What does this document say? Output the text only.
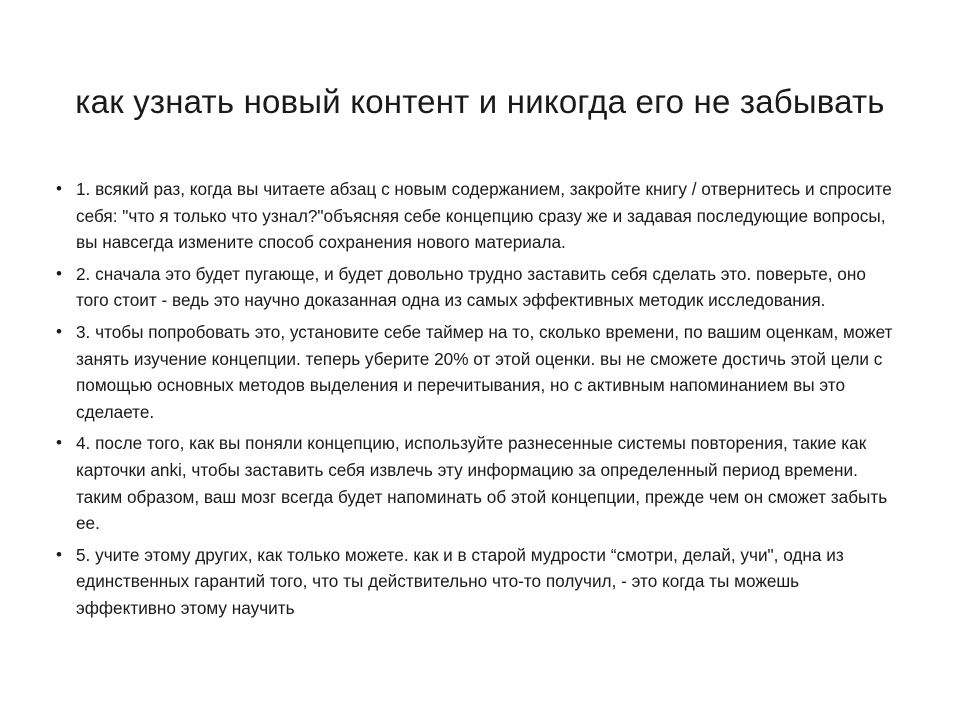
как узнать новый контент и никогда его не забывать
• 1. всякий раз, когда вы читаете абзац с новым содержанием, закройте книгу / отвернитесь и спросите себя: "что я только что узнал?"объясняя себе концепцию сразу же и задавая последующие вопросы, вы навсегда измените способ сохранения нового материала.
• 2. сначала это будет пугающе, и будет довольно трудно заставить себя сделать это. поверьте, оно того стоит - ведь это научно доказанная одна из самых эффективных методик исследования.
• 3. чтобы попробовать это, установите себе таймер на то, сколько времени, по вашим оценкам, может занять изучение концепции. теперь уберите 20% от этой оценки. вы не сможете достичь этой цели с помощью основных методов выделения и перечитывания, но с активным напоминанием вы это сделаете.
• 4. после того, как вы поняли концепцию, используйте разнесенные системы повторения, такие как карточки anki, чтобы заставить себя извлечь эту информацию за определенный период времени. таким образом, ваш мозг всегда будет напоминать об этой концепции, прежде чем он сможет забыть ее.
• 5. учите этому других, как только можете. как и в старой мудрости “смотри, делай, учи", одна из единственных гарантий того, что ты действительно что-то получил, - это когда ты можешь эффективно этому научить
